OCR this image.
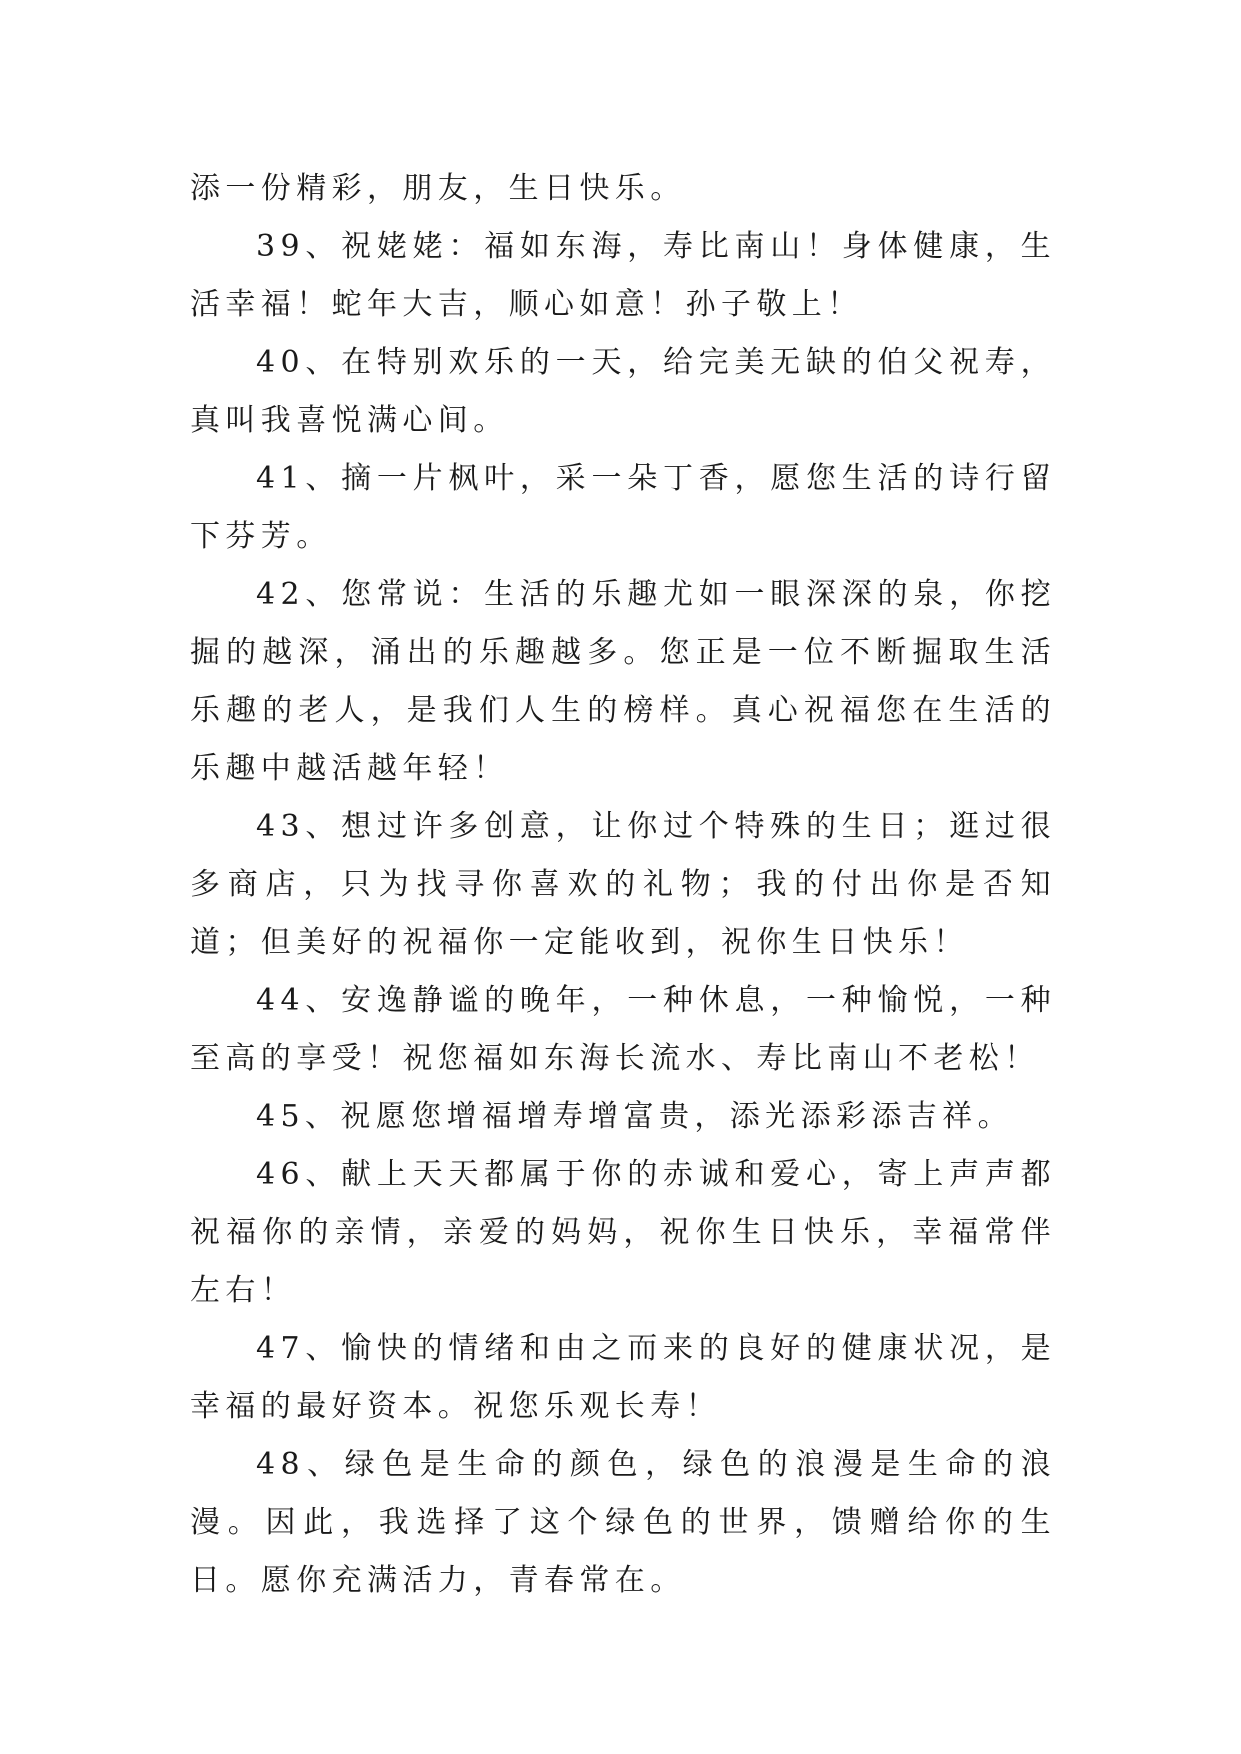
添一份精彩，朋友，生日快乐。

39、祝姥姥：福如东海，寿比南山！身体健康，生活幸福！蛇年大吉，顺心如意！孙子敬上！

40、在特别欢乐的一天，给完美无缺的伯父祝寿，真叫我喜悦满心间。

41、摘一片枫叶，采一朵丁香，愿您生活的诗行留下芬芳。

42、您常说：生活的乐趣尤如一眼深深的泉，你挖掘的越深，涌出的乐趣越多。您正是一位不断掘取生活乐趣的老人，是我们人生的榜样。真心祝福您在生活的乐趣中越活越年轻！

43、想过许多创意，让你过个特殊的生日；逛过很多商店，只为找寻你喜欢的礼物；我的付出你是否知道；但美好的祝福你一定能收到，祝你生日快乐！

44、安逸静谧的晚年，一种休息，一种愉悦，一种至高的享受！祝您福如东海长流水、寿比南山不老松！

45、祝愿您增福增寿增富贵，添光添彩添吉祥。

46、献上天天都属于你的赤诚和爱心，寄上声声都祝福你的亲情，亲爱的妈妈，祝你生日快乐，幸福常伴左右！

47、愉快的情绪和由之而来的良好的健康状况，是幸福的最好资本。祝您乐观长寿！

48、绿色是生命的颜色，绿色的浪漫是生命的浪漫。因此，我选择了这个绿色的世界，馈赠给你的生日。愿你充满活力，青春常在。
